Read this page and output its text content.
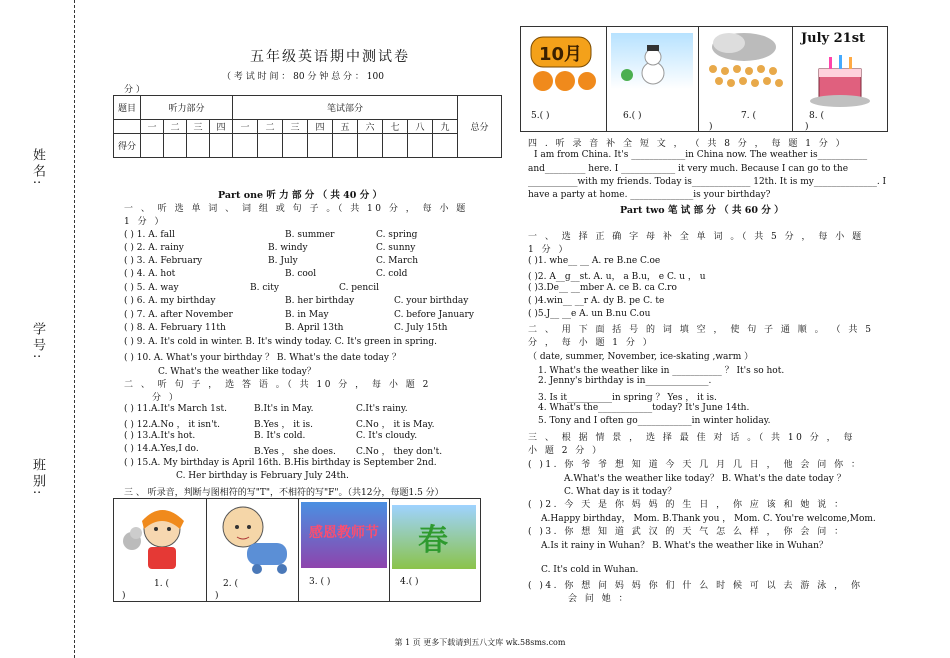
姓名:
学号:
班别:
五年级英语期中测试卷
（ 考 试 时 间 ： 80 分 钟 总 分 ： 100
分 ）
题目	听力部分				笔试部分									总分
	一	二	三	四	一	二	三	四	五	六	七	八	九	
得分														
Part one 听 力 部 分 （ 共 40 分 ）
一 、 听 选 单 词 、 词 组 或 句 子 。（ 共 10 分 ， 每 小 题
1 分 ）
( ) 1. A. fall	B. summer	C. spring
( ) 2. A. rainy	B. windy	C. sunny
( ) 3. A. February	B. July	C. March
( ) 4. A. hot	B. cool	C. cold
( ) 5. A. way	B. city	C. pencil
( ) 6. A. my birthday	B. her birthday	C. your birthday
( ) 7. A. after November	B. in May	C. before January
( ) 8. A. February 11th	B. April 13th	C. July 15th
( ) 9. A. It's cold in winter. B. It's windy today. C. It's green in spring.
( ) 10. A. What's your birthday ？ B. What's the date today ？
C. What's the weather like today？
二 、 听 句 子 ， 选 答 语 。（ 共 10 分 ， 每 小 题 2
分 ）
( ) 11.A.It's March 1st.	B.It's in May.	C.It's rainy.
( ) 12.A.No ， it isn't.	B.Yes ， it is.	C.No ， it is May.
( ) 13.A.It's hot.	B. It's cold.	C. It's cloudy.
( ) 14.A.Yes,I do.	B.Yes ， she does. C.No ， they don't.
( ) 15.A. My birthday is April 16th. B.His birthday is September 2nd.
C. Her birthday is February July 24th.
三 、 听录音，判断与图相符的写"T"，不相符的写"F"。（共12分，每题1.5 分）
1. (
)
2. (
)
感恩教师节
3. ( )
春
4.( )
10月
5.( )	6.( )	7. (
)
July 21st
8. (
)
四 . 听 录 音 补 全 短 文 ， （ 共 8 分 ， 每 题 1 分 ）
I am from China. It's ____________in China now. The weather is___________
and_________ here. I ____________ it very much. Because I can go to the
___________with my friends. Today is_____________ 12th. It is my______________. I
have a party at home. ______________is your birthday?
Part two 笔 试 部 分 （ 共 60 分 ）
一 、 选 择 正 确 字 母 补 全 单 词 。（ 共 5 分 ， 每 小 题
1 分 ）
( )1. whe__ __ A. re B.ne C.oe
( )2. A__g__st. A. u， a B.u， e C. u ， u
( )3.De__ __mber A. ce B. ca C.ro
( )4.win__ __r A. dy B. pe C. te
( )5.J__ __e A. un B.nu C.ou
二 、 用 下 面 括 号 的 词 填 空 ， 使 句 子 通 顺 。 （ 共 5
分 ， 每 小 题 1 分 ）
（ date, summer, November, ice-skating ,warm ）
1. What's the weather like in ___________ ？ It's so hot.
2. Jenny's birthday is in______________.
3. Is it__________in spring ？ Yes ， it is.
4. What's the____________today? It's June 14th.
5. Tony and I often go____________in winter holiday.
三 、 根 据 情 景 ， 选 择 最 佳 对 话 。（ 共 10 分 ， 每
小 题 2 分 ）
( )1. 你 爷 爷 想 知 道 今 天 几 月 几 日 ， 他 会 问 你 ：
A.What's the weather like today？ B. What's the date today ？
C. What day is it today？
( )2. 今 天 是 你 妈 妈 的 生 日 ， 你 应 该 和 她 说 ：
A.Happy birthday， Mom. B.Thank you ， Mom. C. You're welcome,Mom.
( )3. 你 想 知 道 武 汉 的 天 气 怎 么 样 ， 你 会 问 ：
A.Is it rainy in Wuhan？ B. What's the weather like in Wuhan？
C. It's cold in Wuhan.
( )4. 你 想 问 妈 妈 你 们 什 么 时 候 可 以 去 游 泳 ， 你
会 问 她 ：
第 1 页 更多下载请到五八文库 wk.58sms.com
